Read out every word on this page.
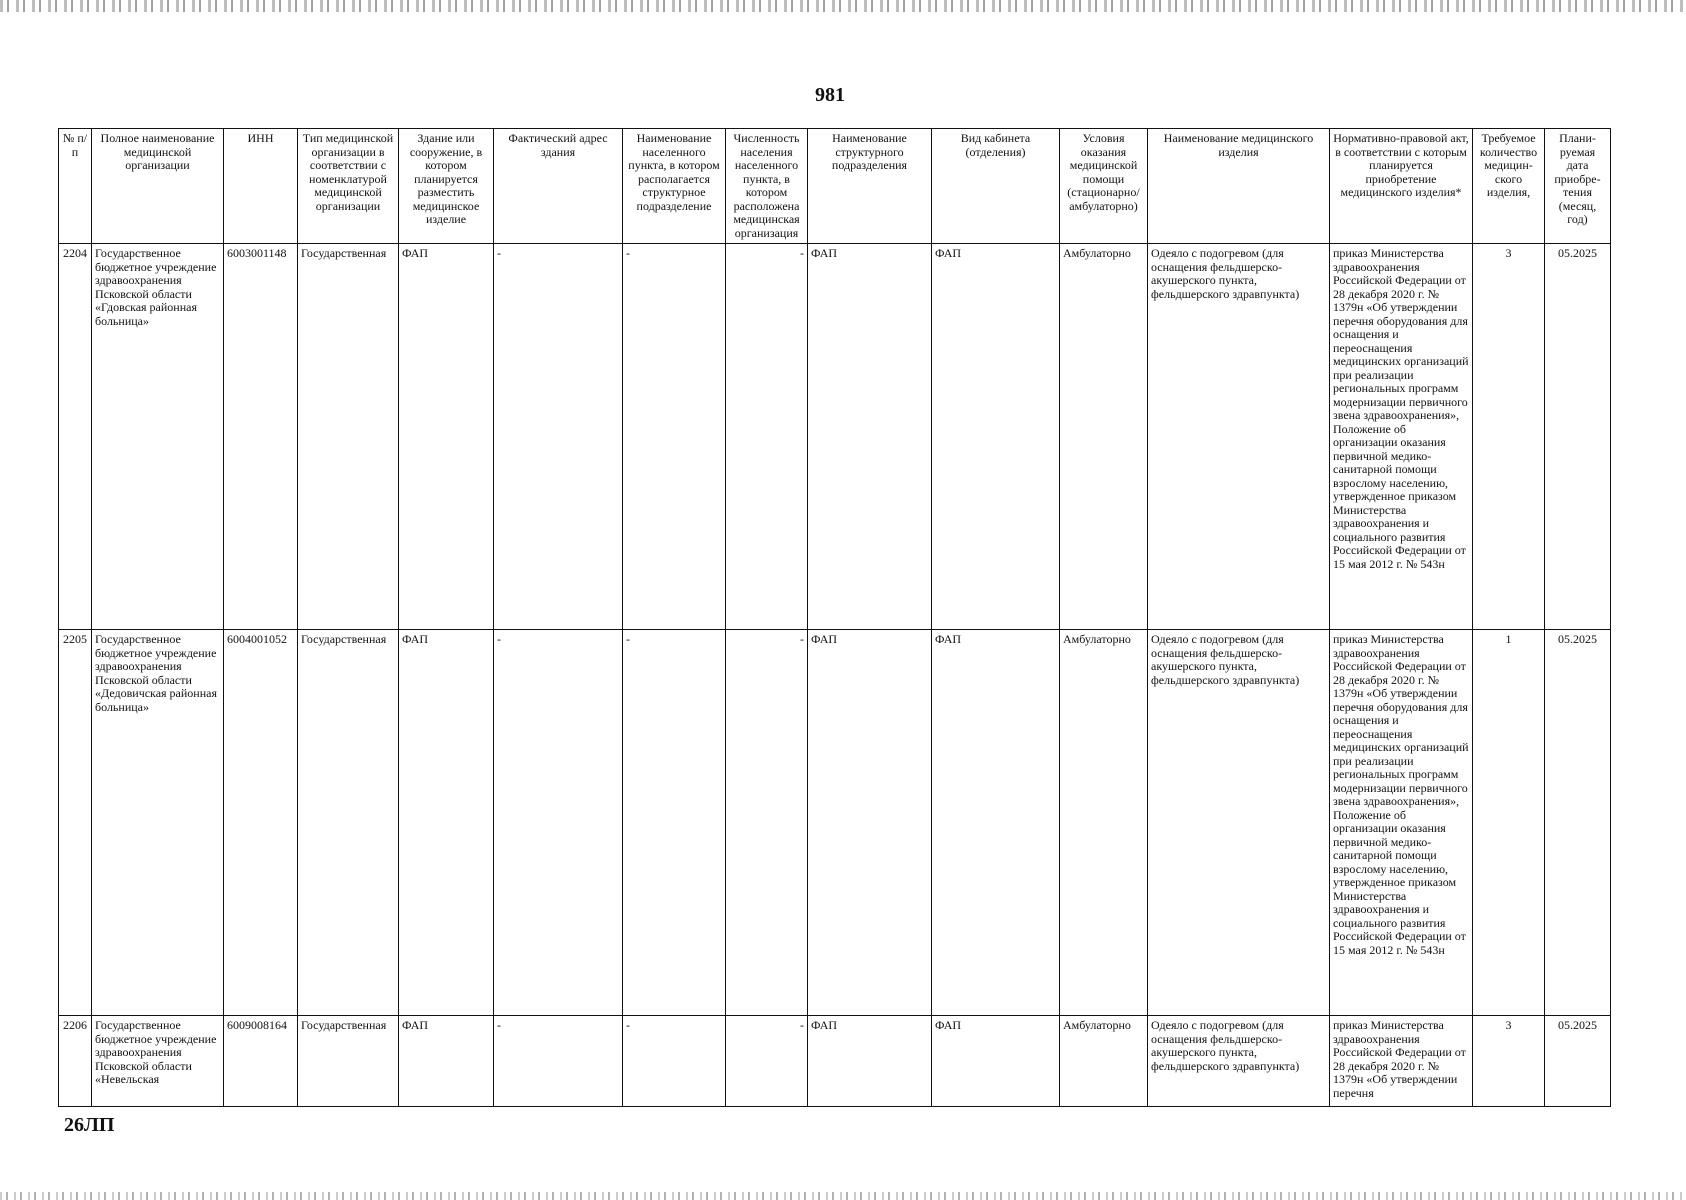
981
№ п/п	Полное наименование медицинской организации	ИНН	Тип медицинской организации в соответствии с номенклатурой медицинской организации	Здание или сооружение, в котором планируется разместить медицинское изделие	Фактический адрес здания	Наименование населенного пункта, в котором располагается структурное подразделение	Численность населения населенного пункта, в котором расположена медицинская организация	Наименование структурного подразделения	Вид кабинета (отделения)	Условия оказания медицинской помощи (стационарно/ амбулаторно)	Наименование медицинского изделия	Нормативно-правовой акт, в соответствии с которым планируется приобретение медицинского изделия*	Требуемое количество медицин-ского изделия,	Плани-руемая дата приобре-тения (месяц, год)
2204	Государственное бюджетное учреждение здравоохранения Псковской области «Гдовская районная больница»	6003001148	Государственная	ФАП	-	-	-	ФАП	ФАП	Амбулаторно	Одеяло с подогревом (для оснащения фельдшерско-акушерского пункта, фельдшерского здравпункта)	приказ Министерства здравоохранения Российской Федерации от 28 декабря 2020 г. № 1379н «Об утверждении перечня оборудования для оснащения и переоснащения медицинских организаций при реализации региональных программ модернизации первичного звена здравоохранения», Положение об организации оказания первичной медико-санитарной помощи взрослому населению, утвержденное приказом Министерства здравоохранения и социального развития Российской Федерации от 15 мая 2012 г. № 543н	3	05.2025
2205	Государственное бюджетное учреждение здравоохранения Псковской области «Дедовичская районная больница»	6004001052	Государственная	ФАП	-	-	-	ФАП	ФАП	Амбулаторно	Одеяло с подогревом (для оснащения фельдшерско-акушерского пункта, фельдшерского здравпункта)	приказ Министерства здравоохранения Российской Федерации от 28 декабря 2020 г. № 1379н «Об утверждении перечня оборудования для оснащения и переоснащения медицинских организаций при реализации региональных программ модернизации первичного звена здравоохранения», Положение об организации оказания первичной медико-санитарной помощи взрослому населению, утвержденное приказом Министерства здравоохранения и социального развития Российской Федерации от 15 мая 2012 г. № 543н	1	05.2025
2206	Государственное бюджетное учреждение здравоохранения Псковской области «Невельская	6009008164	Государственная	ФАП	-	-	-	ФАП	ФАП	Амбулаторно	Одеяло с подогревом (для оснащения фельдшерско-акушерского пункта, фельдшерского здравпункта)	приказ Министерства здравоохранения Российской Федерации от 28 декабря 2020 г. № 1379н «Об утверждении перечня	3	05.2025
26ЛП
